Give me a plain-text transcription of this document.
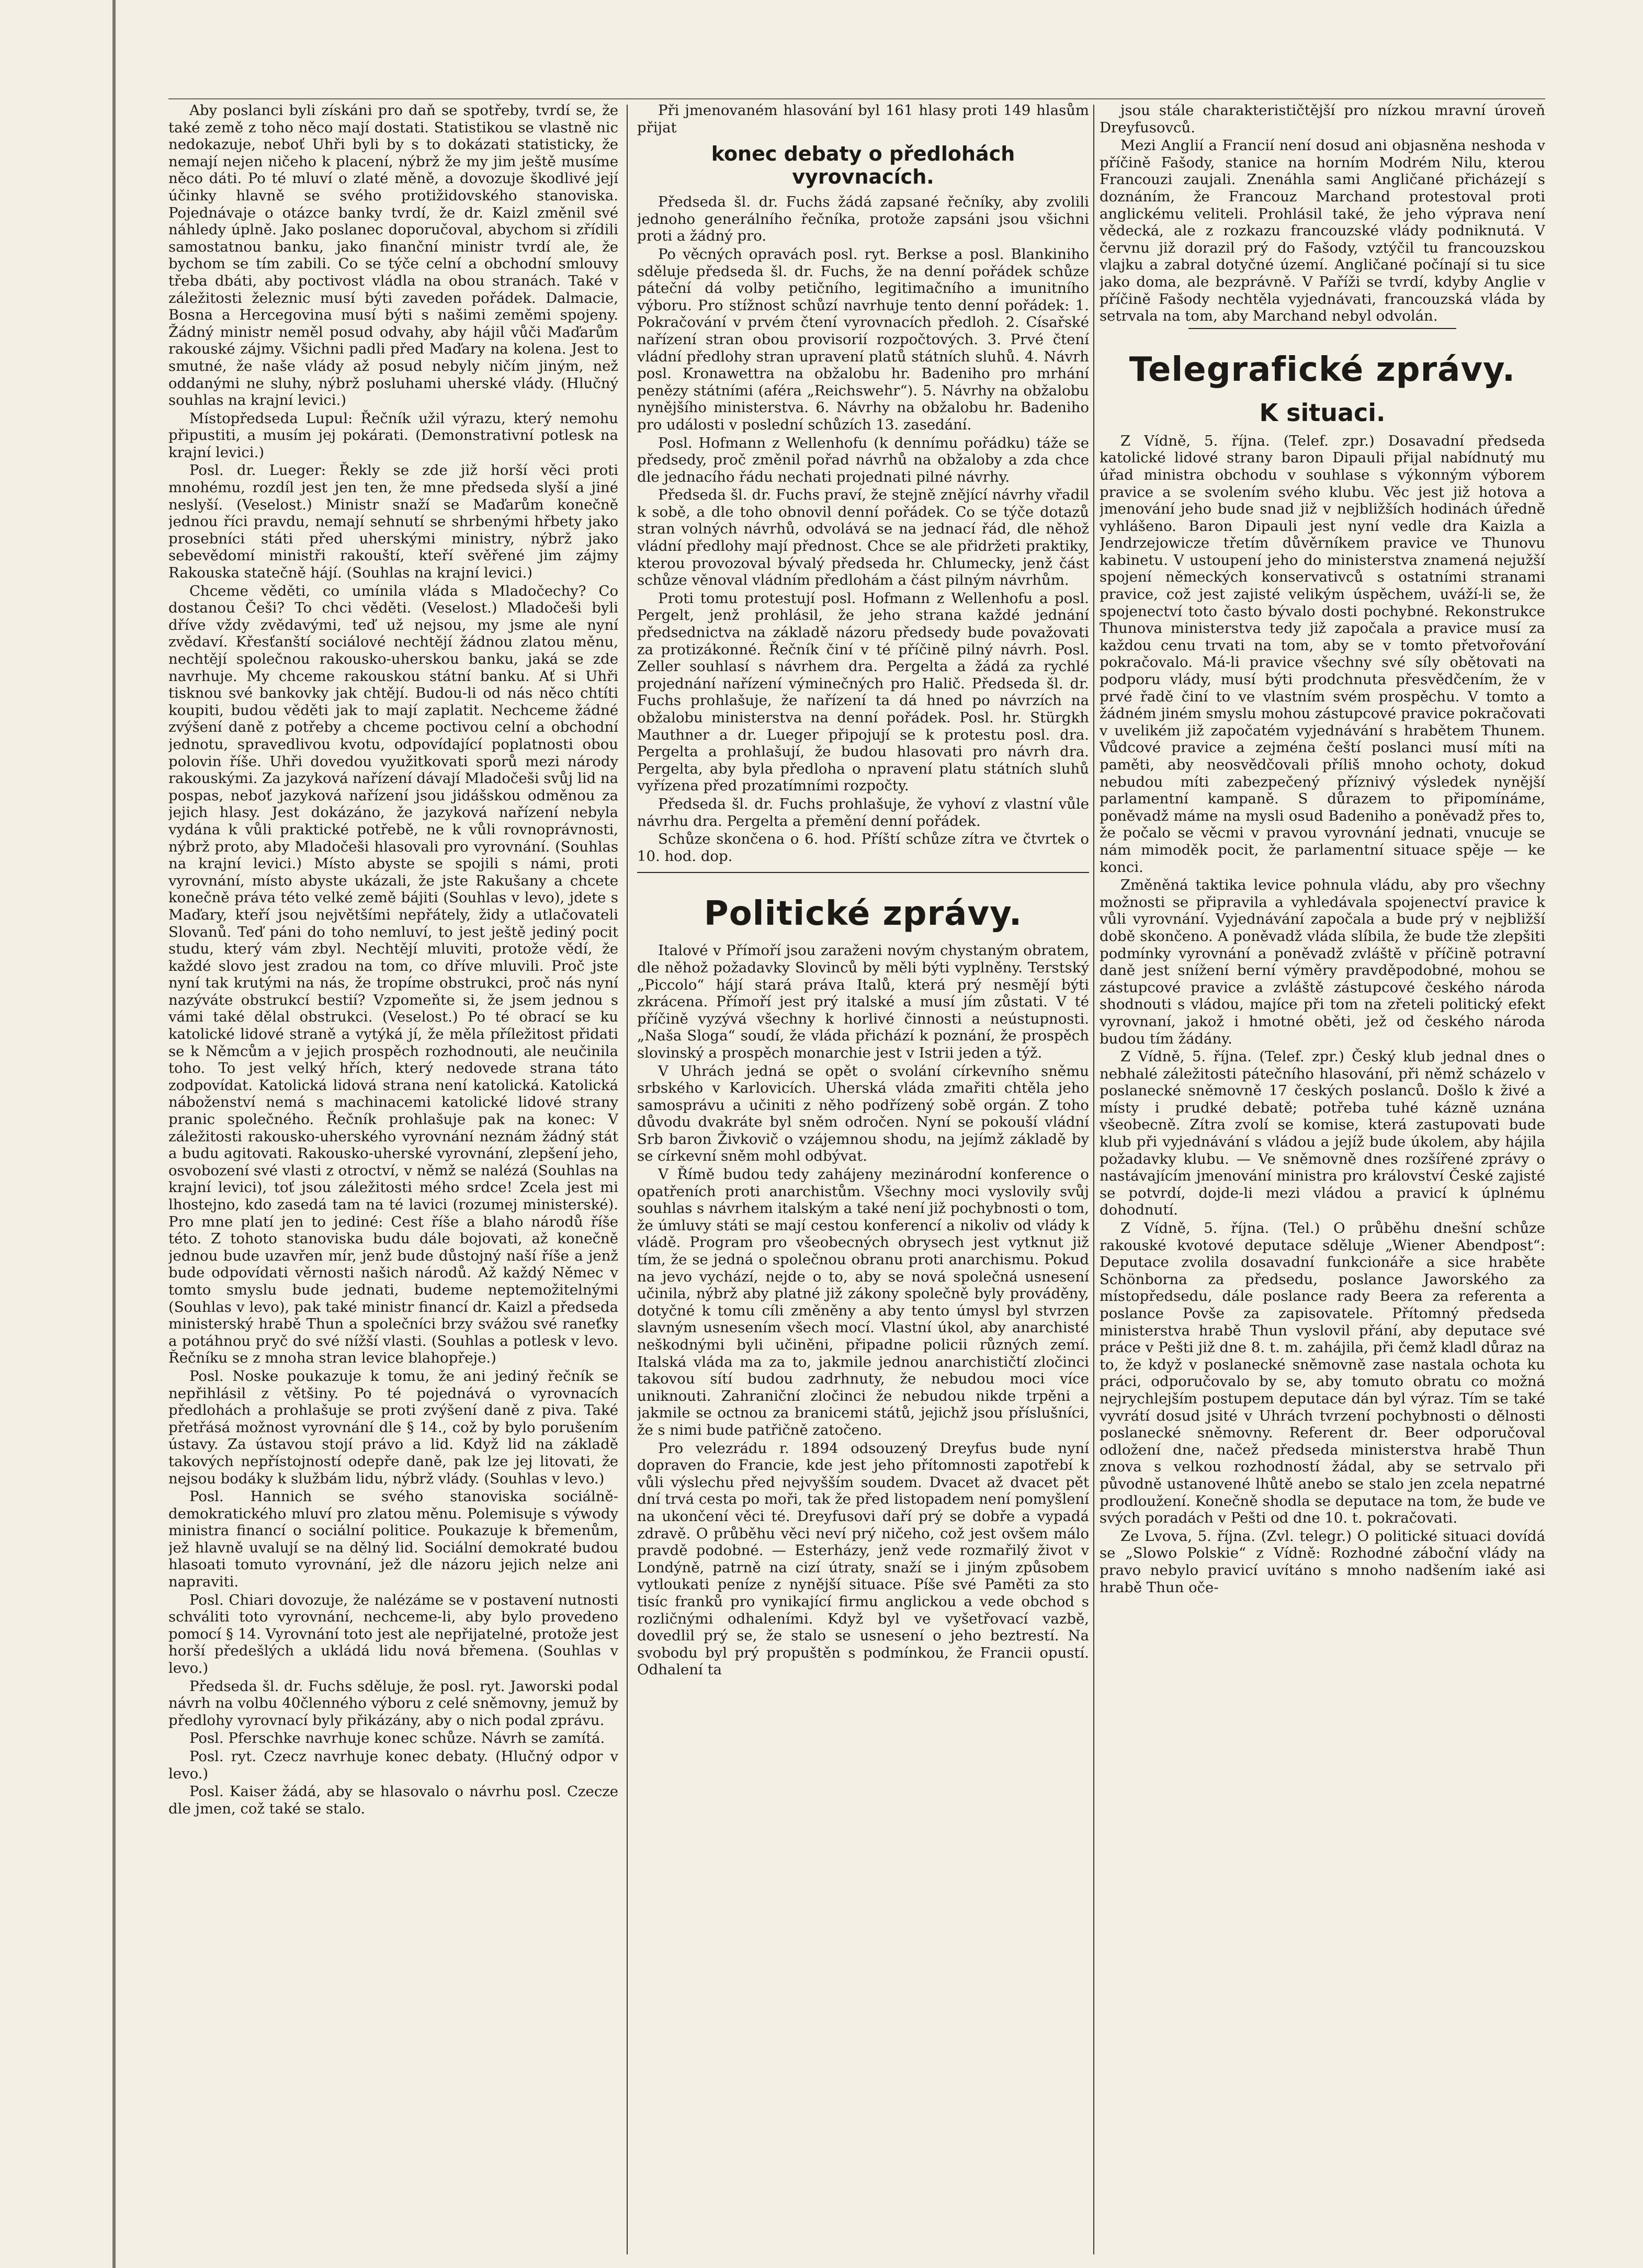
Aby poslanci byli získáni pro daň se spotřeby, tvrdí se, že také země z toho něco mají dostati. Statistikou se vlastně nic nedokazuje, neboť Uhři byli by s to dokázati statisticky, že nemají nejen ničeho k placení, nýbrž že my jim ještě musíme něco dáti. Po té mluví o zlaté měně, a dovozuje škodlivé její účinky hlavně se svého protižidovského stanoviska. Pojednávaje o otázce banky tvrdí, že dr. Kaizl změnil své náhledy úplně. Jako poslanec doporučoval, abychom si zřídili samostatnou banku, jako finanční ministr tvrdí ale, že bychom se tím zabili. Co se týče celní a obchodní smlouvy třeba dbáti, aby poctivost vládla na obou stranách. Také v záležitosti železnic musí býti zaveden pořádek. Dalmacie, Bosna a Hercegovina musí býti s našimi zeměmi spojeny. Žádný ministr neměl posud odvahy, aby hájil vůči Maďarům rakouské zájmy. Všichni padli před Maďary na kolena. Jest to smutné, že naše vlády až posud nebyly ničím jiným, než oddanými ne sluhy, nýbrž posluhami uherské vlády. (Hlučný souhlas na krajní levici.)

Místopředseda Lupul: Řečník užil výrazu, který nemohu připustiti, a musím jej pokárati. (Demonstrativní potlesk na krajní levici.)

Posl. dr. Lueger: Řekly se zde již horší věci proti mnohému, rozdíl jest jen ten, že mne předseda slyší a jiné neslyší. (Veselost.) Ministr snaží se Maďarům konečně jednou říci pravdu, nemají sehnutí se shrbenými hřbety jako prosebníci státi před uherskými ministry, nýbrž jako sebevědomí ministři rakouští, kteří svěřené jim zájmy Rakouska statečně hájí. (Souhlas na krajní levici.)

Chceme věděti, co umínila vláda s Mladočechy? Co dostanou Češi? To chci věděti. (Veselost.) Mladočeši byli dříve vždy zvědavými, teď už nejsou, my jsme ale nyní zvědaví. Křesťanští sociálové nechtějí žádnou zlatou měnu, nechtějí společnou rakousko-uherskou banku, jaká se zde navrhuje. My chceme rakouskou státní banku. Ať si Uhři tisknou své bankovky jak chtějí. Budou-li od nás něco chtíti koupiti, budou věděti jak to mají zaplatit. Nechceme žádné zvýšení daně z potřeby a chceme poctivou celní a obchodní jednotu, spravedlivou kvotu, odpovídající poplatnosti obou polovin říše. Uhři dovedou využitkovati sporů mezi národy rakouskými. Za jazyková nařízení dávají Mladočeši svůj lid na pospas, neboť jazyková nařízení jsou jidášskou odměnou za jejich hlasy. Jest dokázáno, že jazyková nařízení nebyla vydána k vůli praktické potřebě, ne k vůli rovnoprávnosti, nýbrž proto, aby Mladočeši hlasovali pro vyrovnání. (Souhlas na krajní levici.) Místo abyste se spojili s námi, proti vyrovnání, místo abyste ukázali, že jste Rakušany a chcete konečně práva této velké země bájiti (Souhlas v levo), jdete s Maďary, kteří jsou největšími nepřátely, židy a utlačovateli Slovanů. Teď páni do toho nemluví, to jest ještě jediný pocit studu, který vám zbyl. Nechtějí mluviti, protože vědí, že každé slovo jest zradou na tom, co dříve mluvili. Proč jste nyní tak krutými na nás, že tropíme obstrukci, proč nás nyní nazýváte obstrukcí bestií? Vzpomeňte si, že jsem jednou s vámi také dělal obstrukci. (Veselost.) Po té obrací se ku katolické lidové straně a vytýká jí, že měla příležitost přidati se k Němcům a v jejich prospěch rozhodnouti, ale neučinila toho. To jest velký hřích, který nedovede strana táto zodpovídat. Katolická lidová strana není katolická. Katolická náboženství nemá s machinacemi katolické lidové strany pranic společného. Řečník prohlašuje pak na konec: V záležitosti rakousko-uherského vyrovnání neznám žádný stát a budu agitovati. Rakousko-uherské vyrovnání, zlepšení jeho, osvobození své vlasti z otroctví, v němž se nalézá (Souhlas na krajní levici), toť jsou záležitosti mého srdce! Zcela jest mi lhostejno, kdo zasedá tam na té lavici (rozumej ministerské). Pro mne platí jen to jediné: Cest říše a blaho národů říše této. Z tohoto stanoviska budu dále bojovati, až konečně jednou bude uzavřen mír, jenž bude důstojný naší říše a jenž bude odpovídati věrnosti našich národů. Až každý Němec v tomto smyslu bude jednati, budeme neptemožitelnými (Souhlas v levo), pak také ministr financí dr. Kaizl a předseda ministerský hrabě Thun a společníci brzy svážou své raneťky a potáhnou pryč do své nížší vlasti. (Souhlas a potlesk v levo. Řečníku se z mnoha stran levice blahopřeje.)

Posl. Noske poukazuje k tomu, že ani jediný řečník se nepřihlásil z většiny. Po té pojednává o vyrovnacích předlohách a prohlašuje se proti zvýšení daně z piva. Také přetřásá možnost vyrovnání dle § 14., což by bylo porušením ústavy. Za ústavou stojí právo a lid. Když lid na základě takových nepřístojností odepře daně, pak lze jej litovati, že nejsou bodáky k službám lidu, nýbrž vlády. (Souhlas v levo.)

Posl. Hannich se svého stanoviska sociálně-demokratického mluví pro zlatou měnu. Polemisuje s výwody ministra financí o sociální politice. Poukazuje k břemenům, jež hlavně uvalují se na dělný lid. Sociální demokraté budou hlasoati tomuto vyrovnání, jež dle názoru jejich nelze ani napraviti.

Posl. Chiari dovozuje, že nalézáme se v postavení nutnosti schváliti toto vyrovnání, nechceme-li, aby bylo provedeno pomocí § 14. Vyrovnání toto jest ale nepřijatelné, protože jest horší předešlých a ukládá lidu nová břemena. (Souhlas v levo.)

Předseda šl. dr. Fuchs sděluje, že posl. ryt. Jaworski podal návrh na volbu 40členného výboru z celé sněmovny, jemuž by předlohy vyrovnací byly přikázány, aby o nich podal zprávu.

Posl. Pferschke navrhuje konec schůze. Návrh se zamítá.

Posl. ryt. Czecz navrhuje konec debaty. (Hlučný odpor v levo.)

Posl. Kaiser žádá, aby se hlasovalo o návrhu posl. Czecze dle jmen, což také se stalo.

Při jmenovaném hlasování byl 161 hlasy proti 149 hlasům přijat

konec debaty o předlohách vyrovnacích.

Předseda šl. dr. Fuchs žádá zapsané řečníky, aby zvolili jednoho generálního řečníka, protože zapsáni jsou všichni proti a žádný pro.

Po věcných opravách posl. ryt. Berkse a posl. Blankiniho sděluje předseda šl. dr. Fuchs, že na denní pořádek schůze páteční dá volby petičního, legitimačního a imunitního výboru. Pro stížnost schůzí navrhuje tento denní pořádek: 1. Pokračování v prvém čtení vyrovnacích předloh. 2. Císařské nařízení stran obou provisorií rozpočtových. 3. Prvé čtení vládní předlohy stran upravení platů státních sluhů. 4. Návrh posl. Kronawettra na obžalobu hr. Badeniho pro mrhání penězy státními (aféra „Reichswehr“). 5. Návrhy na obžalobu nynějšího ministerstva. 6. Návrhy na obžalobu hr. Badeniho pro události v poslední schůzích 13. zasedání.

Posl. Hofmann z Wellenhofu (k dennímu pořádku) táže se předsedy, proč změnil pořad návrhů na obžaloby a zda chce dle jednacího řádu nechati projednati pilné návrhy.

Předseda šl. dr. Fuchs praví, že stejně znějící návrhy vřadil k sobě, a dle toho obnovil denní pořádek. Co se týče dotazů stran volných návrhů, odvolává se na jednací řád, dle něhož vládní předlohy mají přednost. Chce se ale přidržeti praktiky, kterou provozoval bývalý předseda hr. Chlumecky, jenž část schůze věnoval vládním předlohám a část pilným návrhům.

Proti tomu protestují posl. Hofmann z Wellenhofu a posl. Pergelt, jenž prohlásil, že jeho strana každé jednání předsednictva na základě názoru předsedy bude považovati za protizákonné. Řečník činí v té příčině pilný návrh. Posl. Zeller souhlasí s návrhem dra. Pergelta a žádá za rychlé projednání nařízení výminečných pro Halič. Předseda šl. dr. Fuchs prohlašuje, že nařízení ta dá hned po návrzích na obžalobu ministerstva na denní pořádek. Posl. hr. Stürgkh Mauthner a dr. Lueger připojují se k protestu posl. dra. Pergelta a prohlašují, že budou hlasovati pro návrh dra. Pergelta, aby byla předloha o npravení platu státních sluhů vyřízena před prozatímními rozpočty.

Předseda šl. dr. Fuchs prohlašuje, že vyhoví z vlastní vůle návrhu dra. Pergelta a přemění denní pořádek.

Schůze skončena o 6. hod. Příští schůze zítra ve čtvrtek o 10. hod. dop.

Politické zprávy.

Italové v Přímoří jsou zaraženi novým chystaným obratem, dle něhož požadavky Slovinců by měli býti vyplněny. Terstský „Piccolo“ hájí stará práva Italů, která prý nesmějí býti zkrácena. Přímoří jest prý italské a musí jím zůstati. V té příčině vyzývá všechny k horlivé činnosti a neústupnosti. „Naša Sloga“ soudí, že vláda přichází k poznání, že prospěch slovinský a prospěch monarchie jest v Istrii jeden a týž.

V Uhrách jedná se opět o svolání církevního sněmu srbského v Karlovicích. Uherská vláda zmařiti chtěla jeho samosprávu a učiniti z něho podřízený sobě orgán. Z toho důvodu dvakráte byl sněm odročen. Nyní se pokouší vládní Srb baron Živkovič o vzájemnou shodu, na jejímž základě by se církevní sněm mohl odbývat.

V Římě budou tedy zahájeny mezinárodní konference o opatřeních proti anarchistům. Všechny moci vyslovily svůj souhlas s návrhem italským a také není již pochybnosti o tom, že úmluvy státi se mají cestou konferencí a nikoliv od vlády k vládě. Program pro všeobecných obrysech jest vytknut již tím, že se jedná o společnou obranu proti anarchismu. Pokud na jevo vychází, nejde o to, aby se nová společná usnesení učinila, nýbrž aby platné již zákony společně byly prováděny, dotyčné k tomu cíli změněny a aby tento úmysl byl stvrzen slavným usnesením všech mocí. Vlastní úkol, aby anarchisté neškodnými byli učiněni, připadne policii různých zemí. Italská vláda ma za to, jakmile jednou anarchističtí zločinci takovou sítí budou zadrhnuty, že nebudou moci více uniknouti. Zahraniční zločinci že nebudou nikde trpěni a jakmile se octnou za branicemi států, jejichž jsou příslušníci, že s nimi bude patřičně zatočeno.

Pro velezrádu r. 1894 odsouzený Dreyfus bude nyní dopraven do Francie, kde jest jeho přítomnosti zapotřebí k vůli výslechu před nejvyšším soudem. Dvacet až dvacet pět dní trvá cesta po moři, tak že před listopadem není pomyšlení na ukončení věci té. Dreyfusovi daří prý se dobře a vypadá zdravě. O průběhu věci neví prý ničeho, což jest ovšem málo pravdě podobné. — Esterházy, jenž vede rozmařilý život v Londýně, patrně na cizí útraty, snaží se i jiným způsobem vytloukati peníze z nynější situace. Píše své Paměti za sto tisíc franků pro vynikající firmu anglickou a vede obchod s rozličnými odhaleními. Když byl ve vyšetřovací vazbě, dovedlil prý se, že stalo se usnesení o jeho beztrestí. Na svobodu byl prý propuštěn s podmínkou, že Francii opustí. Odhalení ta

jsou stále charakterističtější pro nízkou mravní úroveň Dreyfusovců.

Mezi Anglií a Francií není dosud ani objasněna neshoda v příčině Fašody, stanice na horním Modrém Nilu, kterou Francouzi zaujali. Znenáhla sami Angličané přicházejí s doznáním, že Francouz Marchand protestoval proti anglickému veliteli. Prohlásil také, že jeho výprava není vědecká, ale z rozkazu francouzské vlády podniknutá. V červnu již dorazil prý do Fašody, vztýčil tu francouzskou vlajku a zabral dotyčné území. Angličané počínají si tu sice jako doma, ale bezprávně. V Paříži se tvrdí, kdyby Anglie v příčině Fašody nechtěla vyjednávati, francouzská vláda by setrvala na tom, aby Marchand nebyl odvolán.

Telegrafické zprávy.
K situaci.

Z Vídně, 5. října. (Telef. zpr.) Dosavadní předseda katolické lidové strany baron Dipauli přijal nabídnutý mu úřad ministra obchodu v souhlase s výkonným výborem pravice a se svolením svého klubu. Věc jest již hotova a jmenování jeho bude snad již v nejbližších hodinách úředně vyhlášeno. Baron Dipauli jest nyní vedle dra Kaizla a Jendrzejowicze třetím důvěrníkem pravice ve Thunovu kabinetu. V ustoupení jeho do ministerstva znamená nejužší spojení německých konservativců s ostatními stranami pravice, což jest zajisté velikým úspěchem, uváží-li se, že spojenectví toto často bývalo dosti pochybné. Rekonstrukce Thunova ministerstva tedy již započala a pravice musí za každou cenu trvati na tom, aby se v tomto přetvořování pokračovalo. Má-li pravice všechny své síly obětovati na podporu vlády, musí býti prodchnuta přesvědčením, že v prvé řadě činí to ve vlastním svém prospěchu. V tomto a žádném jiném smyslu mohou zástupcové pravice pokračovati v uvelikém již započatém vyjednávání s hrabětem Thunem. Vůdcové pravice a zejména čeští poslanci musí míti na paměti, aby neosvědčovali příliš mnoho ochoty, dokud nebudou míti zabezpečený příznivý výsledek nynější parlamentní kampaně. S důrazem to připomínáme, poněvadž máme na mysli osud Badeniho a poněvadž přes to, že počalo se věcmi v pravou vyrovnání jednati, vnucuje se nám mimoděk pocit, že parlamentní situace spěje — ke konci.

Změněná taktika levice pohnula vládu, aby pro všechny možnosti se připravila a vyhledávala spojenectví pravice k vůli vyrovnání. Vyjednávání započala a bude prý v nejbližší době skončeno. A poněvadž vláda slíbila, že bude tže zlepšiti podmínky vyrovnání a poněvadž zvláště v příčině potravní daně jest snížení berní výměry pravděpodobné, mohou se zástupcové pravice a zvláště zástupcové českého národa shodnouti s vládou, majíce při tom na zřeteli politický efekt vyrovnaní, jakož i hmotné oběti, jež od českého národa budou tím žádány.

Z Vídně, 5. října. (Telef. zpr.) Český klub jednal dnes o nebhalé záležitosti pátečního hlasování, při němž scházelo v poslanecké sněmovně 17 českých poslanců. Došlo k živé a místy i prudké debatě; potřeba tuhé kázně uznána všeobecně. Zítra zvolí se komise, která zastupovati bude klub při vyjednávání s vládou a jejíž bude úkolem, aby hájila požadavky klubu. — Ve sněmovně dnes rozšířené zprávy o nastávajícím jmenování ministra pro království České zajisté se potvrdí, dojde-li mezi vládou a pravicí k úplnému dohodnutí.

Z Vídně, 5. října. (Tel.) O průběhu dnešní schůze rakouské kvotové deputace sděluje „Wiener Abendpost“: Deputace zvolila dosavadní funkcionáře a sice hraběte Schönborna za předsedu, poslance Jaworského za místopředsedu, dále poslance rady Beera za referenta a poslance Povše za zapisovatele. Přítomný předseda ministerstva hrabě Thun vyslovil přání, aby deputace své práce v Pešti již dne 8. t. m. zahájila, při čemž kladl důraz na to, že když v poslanecké sněmovně zase nastala ochota ku práci, odporučovalo by se, aby tomuto obratu co možná nejrychlejším postupem deputace dán byl výraz. Tím se také vyvrátí dosud jsité v Uhrách tvrzení pochybnosti o dělnosti poslanecké sněmovny. Referent dr. Beer odporučoval odložení dne, načež předseda ministerstva hrabě Thun znova s velkou rozhodností žádal, aby se setrvalo při původně ustanovené lhůtě anebo se stalo jen zcela nepatrné prodloužení. Konečně shodla se deputace na tom, že bude ve svých poradách v Pešti od dne 10. t. pokračovati.

Ze Lvova, 5. října. (Zvl. telegr.) O politické situaci dovídá se „Slowo Polskie“ z Vídně: Rozhodné záboční vlády na pravo nebylo pravicí uvítáno s mnoho nadšením iaké asi hrabě Thun oče-
